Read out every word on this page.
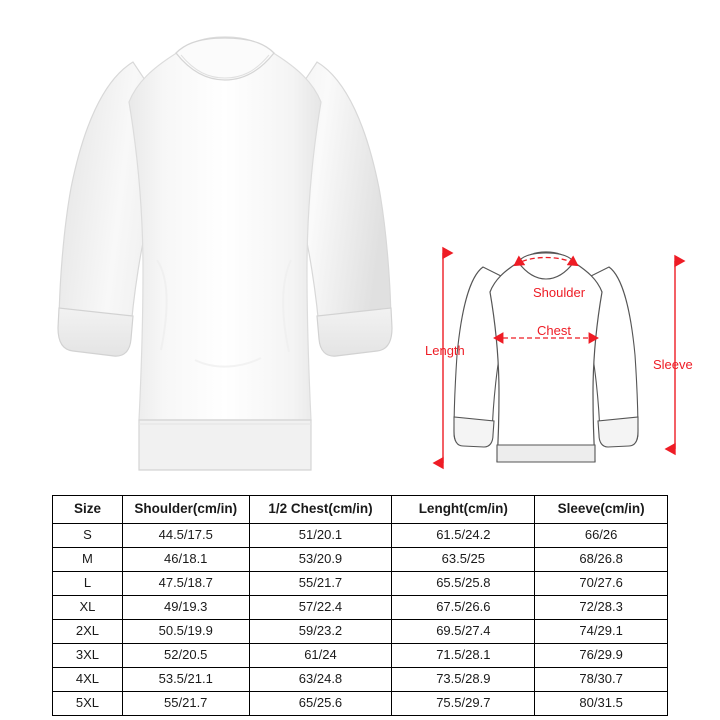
Shoulder
Chest
Length
Sleeve
Size	Shoulder(cm/in)	1/2 Chest(cm/in)	Lenght(cm/in)	Sleeve(cm/in)
S	44.5/17.5	51/20.1	61.5/24.2	66/26
M	46/18.1	53/20.9	63.5/25	68/26.8
L	47.5/18.7	55/21.7	65.5/25.8	70/27.6
XL	49/19.3	57/22.4	67.5/26.6	72/28.3
2XL	50.5/19.9	59/23.2	69.5/27.4	74/29.1
3XL	52/20.5	61/24	71.5/28.1	76/29.9
4XL	53.5/21.1	63/24.8	73.5/28.9	78/30.7
5XL	55/21.7	65/25.6	75.5/29.7	80/31.5
